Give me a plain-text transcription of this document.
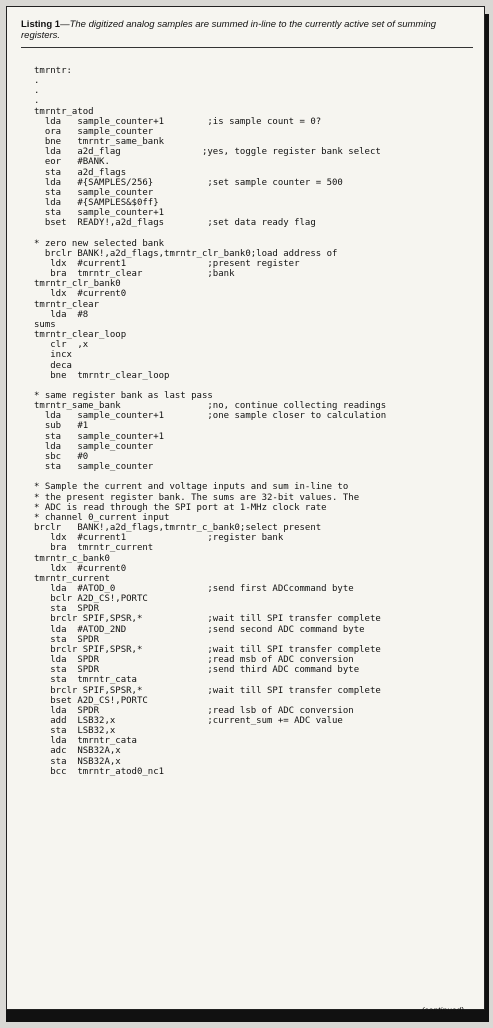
Listing 1—The digitized analog samples are summed in-line to the currently active set of summing registers.
tmrntr:
.
.
.
tmrntr_atod
lda   sample_counter+1        ;is sample count = 0?
ora   sample_counter
bne   tmrntr_same_bank
lda   a2d_flag               ;yes, toggle register bank select
eor   #BANK.
sta   a2d_flags
lda   #{SAMPLES/256}          ;set sample counter = 500
sta   sample_counter
lda   #{SAMPLES&$0ff}
sta   sample_counter+1
bset  READY!,a2d_flags        ;set data ready flag

* zero new selected bank
brclr BANK!,a2d_flags,tmrntr_clr_bank0;load address of
ldx  #current1               ;present register
bra  tmrntr_clear            ;bank
tmrntr_clr_bank0
ldx  #current0
tmrntr_clear
lda  #8
sums
tmrntr_clear_loop
clr  ,x
incx
deca
bne  tmrntr_clear_loop

* same register bank as last pass
tmrntr_same_bank                ;no, continue collecting readings
lda   sample_counter+1        ;one sample closer to calculation
sub   #1
sta   sample_counter+1
lda   sample_counter
sbc   #0
sta   sample_counter

* Sample the current and voltage inputs and sum in-line to
* the present register bank. The sums are 32-bit values. The
* ADC is read through the SPI port at 1-MHz clock rate
* channel 0_current input
brclr   BANK!,a2d_flags,tmrntr_c_bank0;select present
ldx  #current1               ;register bank
bra  tmrntr_current
tmrntr_c_bank0
ldx  #current0
tmrntr_current
lda  #ATOD_0                 ;send first ADCcommand byte
bclr A2D_CS!,PORTC
sta  SPDR
brclr SPIF,SPSR,*            ;wait till SPI transfer complete
lda  #ATOD_2ND               ;send second ADC command byte
sta  SPDR
brclr SPIF,SPSR,*            ;wait till SPI transfer complete
lda  SPDR                    ;read msb of ADC conversion
sta  SPDR                    ;send third ADC command byte
sta  tmrntr_cata
brclr SPIF,SPSR,*            ;wait till SPI transfer complete
bset A2D_CS!,PORTC
lda  SPDR                    ;read lsb of ADC conversion
add  LSB32,x                 ;current_sum += ADC value
sta  LSB32,x
lda  tmrntr_cata
adc  NSB32A,x
sta  NSB32A,x
bcc  tmrntr_atod0_nc1
